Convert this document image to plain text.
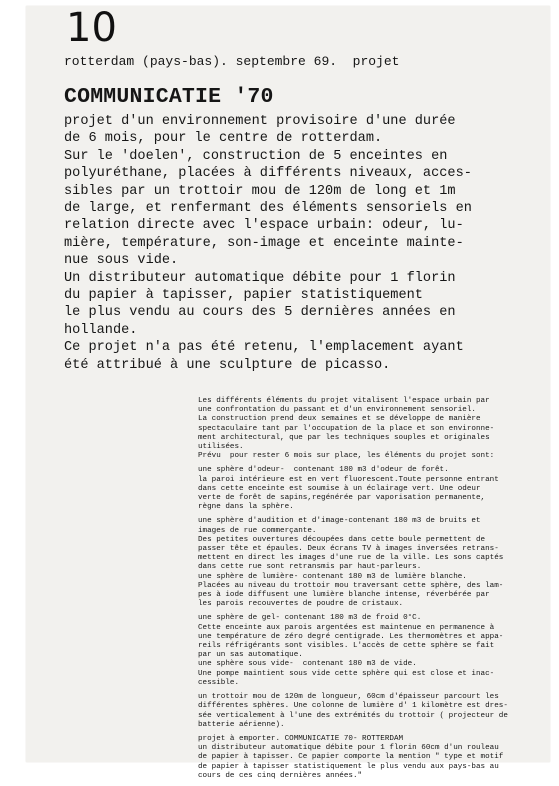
10
rotterdam (pays-bas). septembre 69.  projet
COMMUNICATIE '70

projet d'un environnement provisoire d'une durée

de 6 mois, pour le centre de rotterdam.

Sur le 'doelen', construction de 5 enceintes en

polyuréthane, placées à différents niveaux, acces-

sibles par un trottoir mou de 120m de long et 1m

de large, et renfermant des éléments sensoriels en

relation directe avec l'espace urbain: odeur, lu-

mière, température, son-image et enceinte mainte-

nue sous vide.

Un distributeur automatique débite pour 1 florin

du papier à tapisser, papier statistiquement

le plus vendu au cours des 5 dernières années en

hollande.

Ce projet n'a pas été retenu, l'emplacement ayant

été attribué à une sculpture de picasso.

Les différents éléments du projet vitalisent l'espace urbain par
une confrontation du passant et d'un environnement sensoriel.
La construction prend deux semaines et se développe de manière
spectaculaire tant par l'occupation de la place et son environne-
ment architectural, que par les techniques souples et originales
utilisées.
Prévu  pour rester 6 mois sur place, les éléments du projet sont:
une sphère d'odeur-  contenant 180 m3 d'odeur de forêt.
la paroi intérieure est en vert fluorescent.Toute personne entrant
dans cette enceinte est soumise à un éclairage vert. Une odeur
verte de forêt de sapins,regénérée par vaporisation permanente,
règne dans la sphère.
une sphère d'audition et d'image-contenant 180 m3 de bruits et
images de rue commerçante.
Des petites ouvertures découpées dans cette boule permettent de
passer tête et épaules. Deux écrans TV à images inversées retrans-
mettent en direct les images d'une rue de la ville. Les sons captés
dans cette rue sont retransmis par haut-parleurs.
une sphère de lumière- contenant 180 m3 de lumière blanche.
Placées au niveau du trottoir mou traversant cette sphère, des lam-
pes à iode diffusent une lumière blanche intense, réverbérée par
les parois recouvertes de poudre de cristaux.
une sphère de gel- contenant 180 m3 de froid 0°C.
Cette enceinte aux parois argentées est maintenue en permanence à
une température de zéro degré centigrade. Les thermomètres et appa-
reils réfrigérants sont visibles. L'accès de cette sphère se fait
par un sas automatique.
une sphère sous vide-  contenant 180 m3 de vide.
Une pompe maintient sous vide cette sphère qui est close et inac-
cessible.
un trottoir mou de 120m de longueur, 60cm d'épaisseur parcourt les
différentes sphères. Une colonne de lumière d' 1 kilomètre est dres-
sée verticalement à l'une des extrémités du trottoir ( projecteur de
batterie aérienne).
projet à emporter. COMMUNICATIE 70- ROTTERDAM
un distributeur automatique débite pour 1 florin 60cm d'un rouleau
de papier à tapisser. Ce papier comporte la mention " type et motif
de papier à tapisser statistiquement le plus vendu aux pays-bas au
cours de ces cinq dernières années."
